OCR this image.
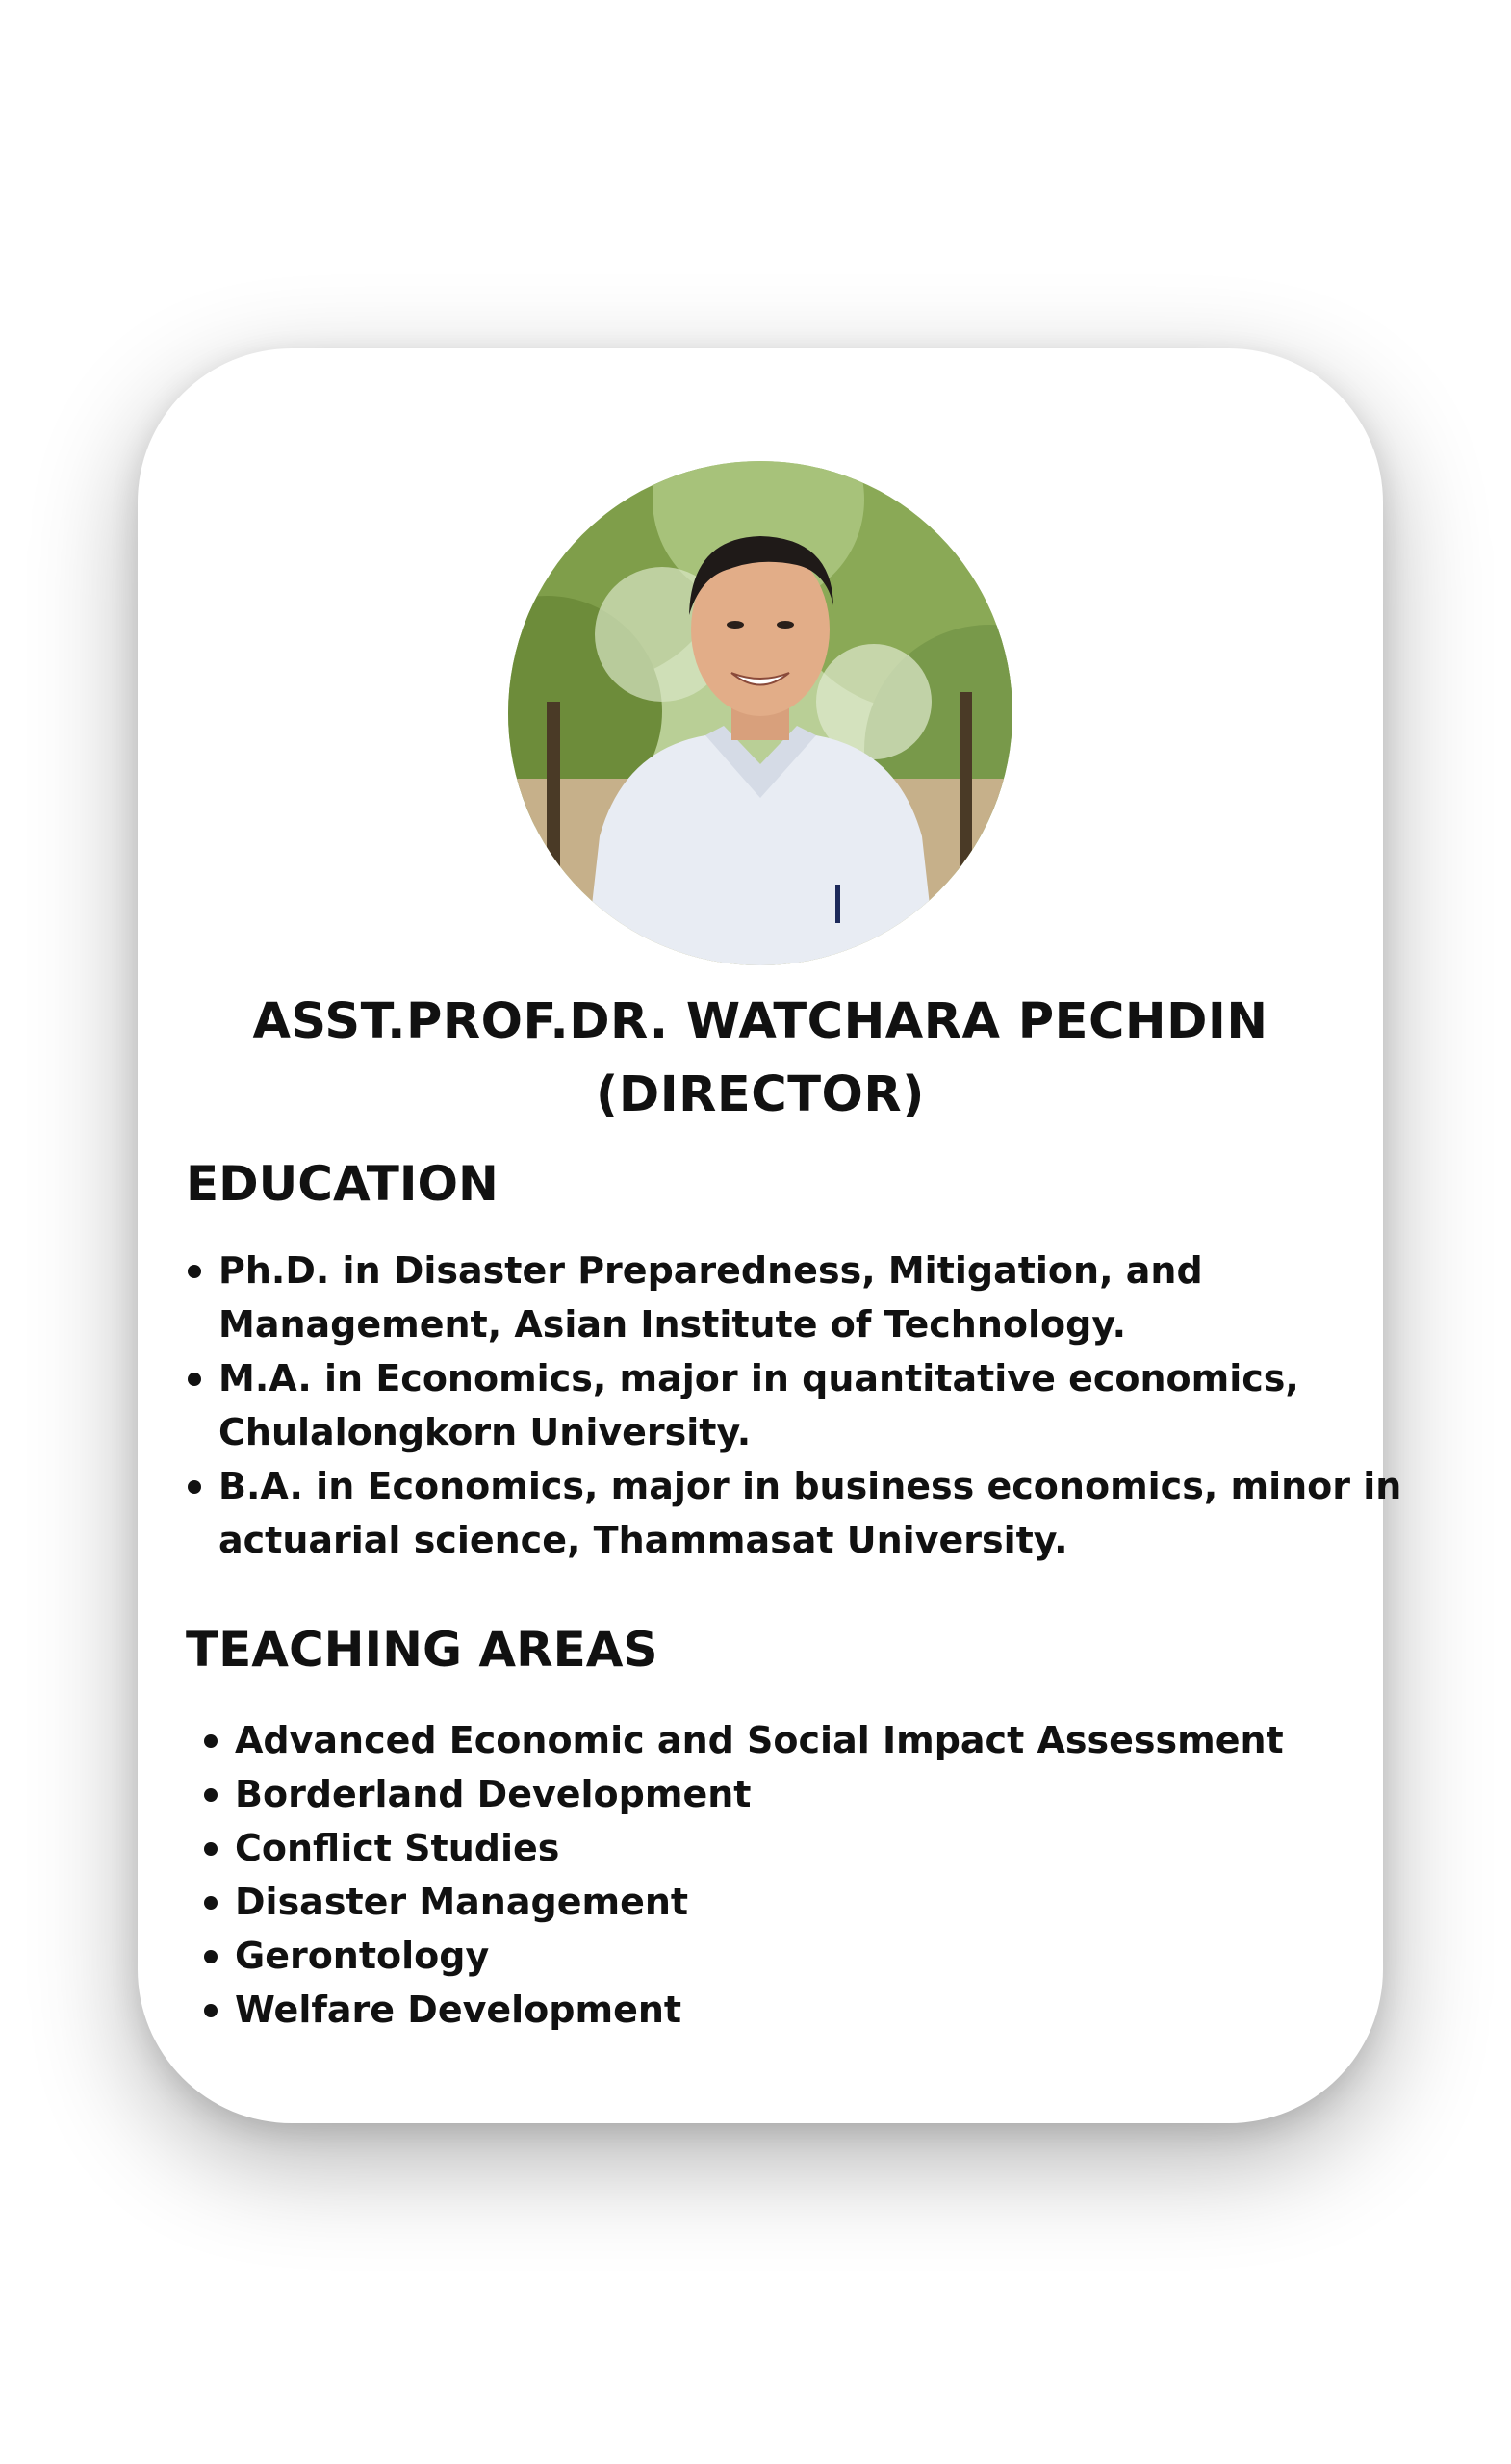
ASST.PROF.DR. WATCHARA PECHDIN
(DIRECTOR)
EDUCATION
Ph.D. in Disaster Preparedness, Mitigation, and
Management, Asian Institute of Technology.
M.A. in Economics, major in quantitative economics,
Chulalongkorn University.
B.A. in Economics, major in business economics, minor in
actuarial science, Thammasat University.
TEACHING AREAS
Advanced Economic and Social Impact Assessment
Borderland Development
Conflict Studies
Disaster Management
Gerontology
Welfare Development
